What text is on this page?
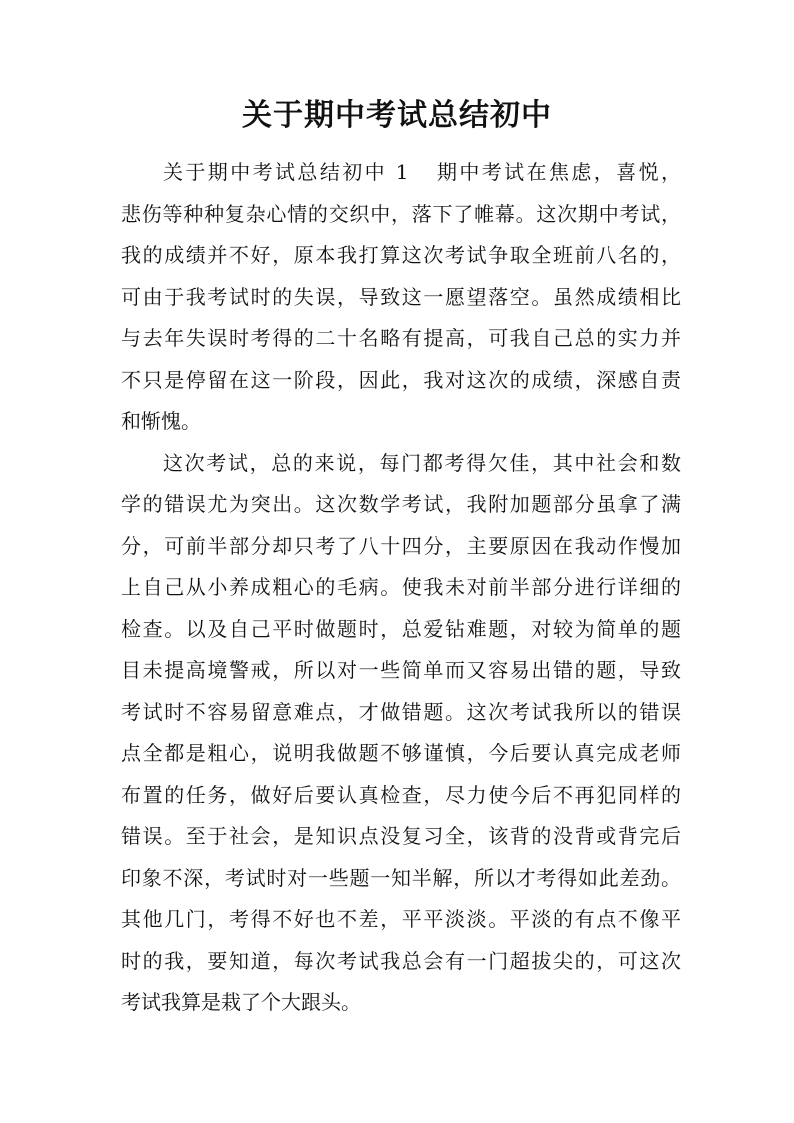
关于期中考试总结初中
关于期中考试总结初中 1 期中考试在焦虑，喜悦，
悲伤等种种复杂心情的交织中，落下了帷幕。这次期中考试，
我的成绩并不好，原本我打算这次考试争取全班前八名的，
可由于我考试时的失误，导致这一愿望落空。虽然成绩相比
与去年失误时考得的二十名略有提高，可我自己总的实力并
不只是停留在这一阶段，因此，我对这次的成绩，深感自责
和惭愧。
这次考试，总的来说，每门都考得欠佳，其中社会和数
学的错误尤为突出。这次数学考试，我附加题部分虽拿了满
分，可前半部分却只考了八十四分，主要原因在我动作慢加
上自己从小养成粗心的毛病。使我未对前半部分进行详细的
检查。以及自己平时做题时，总爱钻难题，对较为简单的题
目未提高境警戒，所以对一些简单而又容易出错的题，导致
考试时不容易留意难点，才做错题。这次考试我所以的错误
点全都是粗心，说明我做题不够谨慎，今后要认真完成老师
布置的任务，做好后要认真检查，尽力使今后不再犯同样的
错误。至于社会，是知识点没复习全，该背的没背或背完后
印象不深，考试时对一些题一知半解，所以才考得如此差劲。
其他几门，考得不好也不差，平平淡淡。平淡的有点不像平
时的我，要知道，每次考试我总会有一门超拔尖的，可这次
考试我算是栽了个大跟头。
